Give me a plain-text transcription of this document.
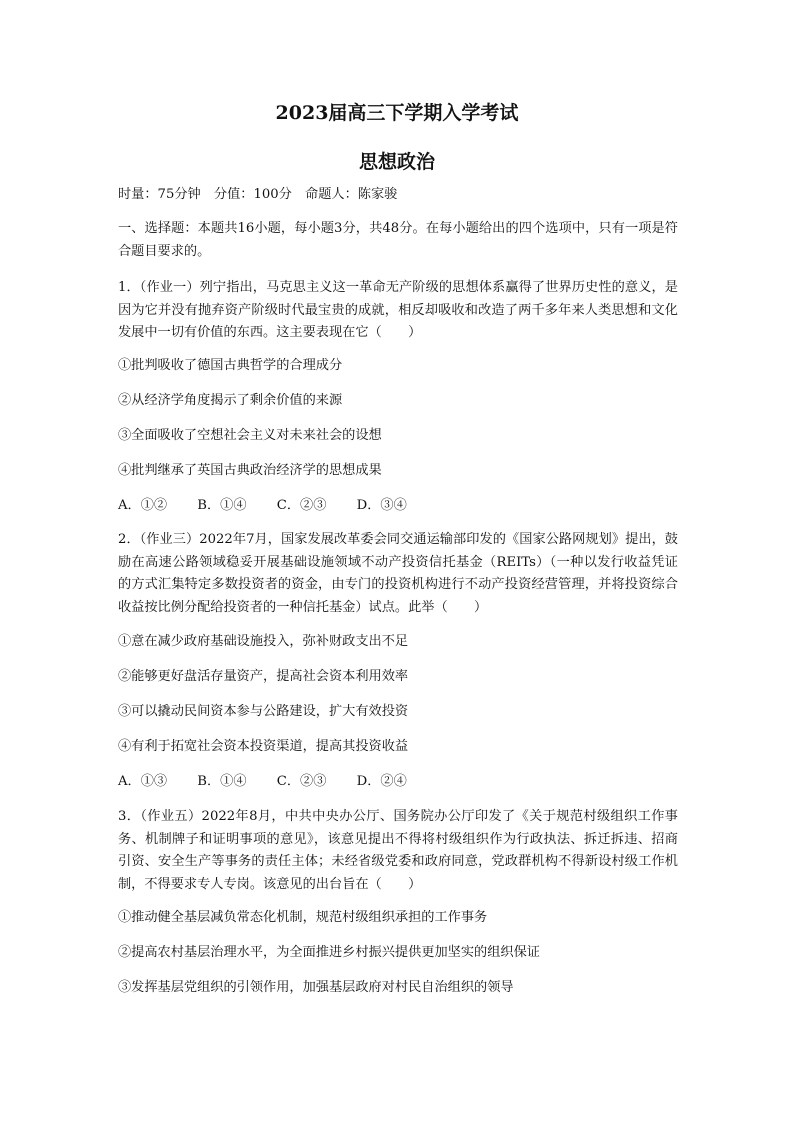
2023届高三下学期入学考试
思想政治
时量：75分钟　分值：100分　命题人：陈家骏
一、选择题：本题共16小题，每小题3分，共48分。在每小题给出的四个选项中，只有一项是符合题目要求的。
1．（作业一）列宁指出，马克思主义这一革命无产阶级的思想体系赢得了世界历史性的意义，是因为它并没有抛弃资产阶级时代最宝贵的成就，相反却吸收和改造了两千多年来人类思想和文化发展中一切有价值的东西。这主要表现在它（　　）
①批判吸收了德国古典哲学的合理成分
②从经济学角度揭示了剩余价值的来源
③全面吸收了空想社会主义对未来社会的设想
④批判继承了英国古典政治经济学的思想成果
A．①② B．①④ C．②③ D．③④
2．（作业三）2022年7月，国家发展改革委会同交通运输部印发的《国家公路网规划》提出，鼓励在高速公路领域稳妥开展基础设施领域不动产投资信托基金（REITs）（一种以发行收益凭证的方式汇集特定多数投资者的资金，由专门的投资机构进行不动产投资经营管理，并将投资综合收益按比例分配给投资者的一种信托基金）试点。此举（　　）
①意在减少政府基础设施投入，弥补财政支出不足
②能够更好盘活存量资产，提高社会资本利用效率
③可以撬动民间资本参与公路建设，扩大有效投资
④有利于拓宽社会资本投资渠道，提高其投资收益
A．①③ B．①④ C．②③ D．②④
3．（作业五）2022年8月，中共中央办公厅、国务院办公厅印发了《关于规范村级组织工作事务、机制牌子和证明事项的意见》，该意见提出不得将村级组织作为行政执法、拆迁拆违、招商引资、安全生产等事务的责任主体；未经省级党委和政府同意，党政群机构不得新设村级工作机制，不得要求专人专岗。该意见的出台旨在（　　）
①推动健全基层减负常态化机制，规范村级组织承担的工作事务
②提高农村基层治理水平，为全面推进乡村振兴提供更加坚实的组织保证
③发挥基层党组织的引领作用，加强基层政府对村民自治组织的领导
